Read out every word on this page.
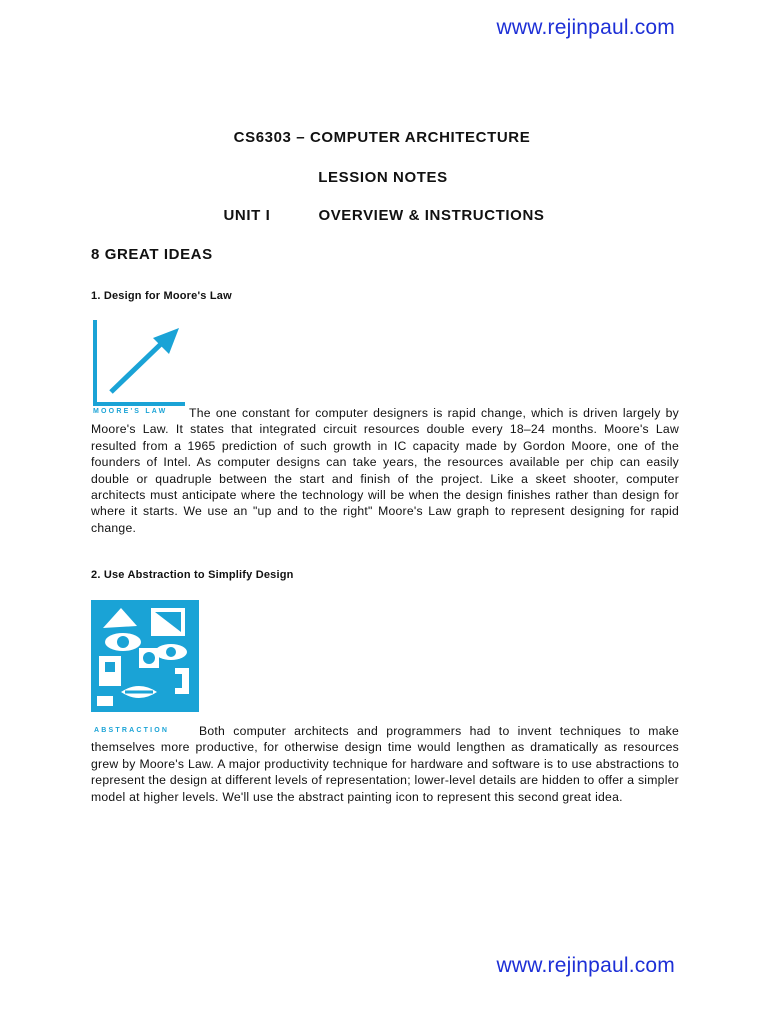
www.rejinpaul.com
CS6303 – COMPUTER ARCHITECTURE
LESSION NOTES
UNIT I	OVERVIEW & INSTRUCTIONS
8 GREAT IDEAS
1. Design for Moore's Law
MOORE'S LAW	The one constant for computer designers is rapid change, which is driven largely by Moore's Law. It states that integrated circuit resources double every 18–24 months. Moore's Law resulted from a 1965 prediction of such growth in IC capacity made by Gordon Moore, one of the founders of Intel. As computer designs can take years, the resources available per chip can easily double or quadruple between the start and finish of the project. Like a skeet shooter, computer architects must anticipate where the technology will be when the design finishes rather than design for where it starts. We use an "up and to the right" Moore's Law graph to represent designing for rapid change.
2. Use Abstraction to Simplify Design
ABSTRACTION	Both computer architects and programmers had to invent techniques to make themselves more productive, for otherwise design time would lengthen as dramatically as resources grew by Moore's Law. A major productivity technique for hardware and software is to use abstractions to represent the design at different levels of representation; lower-level details are hidden to offer a simpler model at higher levels. We'll use the abstract painting icon to represent this second great idea.
www.rejinpaul.com
